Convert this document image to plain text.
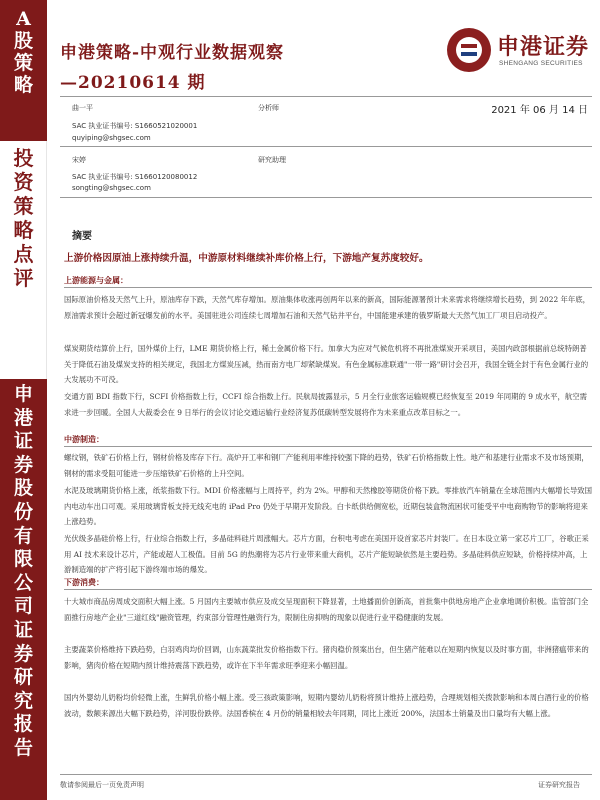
A
股
策
略
投
资
策
略
点
评
申
港
证
券
股
份
有
限
公
司
证
券
研
究
报
告
申港策略-中观行业数据观察
—20210614 期
申港证券
SHENGANG SECURITIES
曲一平	分析师	2021 年 06 月 14 日
SAC 执业证书编号: S1660521020001
quyiping@shgsec.com
宋婷	研究助理
SAC 执业证书编号: S1660120080012
songting@shgsec.com
摘要
上游价格因原油上涨持续升温，中游原材料继续补库价格上行，下游地产复苏度较好。
上游能源与金属：
国际原油价格及天然气上升，原油库存下跌，天然气库存增加。原油集体收涨再创两年以来的新高，国际能源署预计未来需求将继续增长趋势，到 2022 年年底，原油需求预计会超过新冠爆发前的水平。美国驻进公司连续七周增加石油和天然气钻井平台，中国能建承建的俄罗斯最大天然气加工厂项目启动投产。
煤炭期货结算价上行，国外煤价上行，LME 期货价格上行，稀土金属价格下行。加拿大为应对气候危机将不再批准煤炭开采项目，美国内政部根据前总统特朗普关于降低石油及煤炭支持的相关规定，我国北方煤炭压减，热而南方电厂却紧缺煤炭。有色金属标准联通"一带一路"研讨会召开，我国全链全封于有色金属行业的大发展功不可没。
交通方面 BDI 指数下行，SCFI 价格指数上行，CCFI 综合指数上行。民航局披露显示，5 月全行业旅客运输规模已经恢复至 2019 年同期的 9 成水平，航空需求进一步回暖。全国人大裁委会在 9 日举行的会议讨论交通运输行业经济复苏低碳转型发展将作为未来重点改革目标之一。
中游制造：
螺纹钢，铁矿石价格上行，钢材价格及库存下行。高炉开工率和钢厂产能利用率维持较强下降的趋势，铁矿石价格指数上性。地产和基建行业需求不及市场预期，钢材的需求受阻可能进一步压缩铁矿石价格的上升空间。
水泥及玻璃期货价格上涨，纸浆指数下行。MDI 价格涨幅与上周持平，约为 2%。甲醇和天然橡胶等期货价格下跌。零排放汽车销量在全球范围内大幅增长导致国内电动车出口可观。采用玻璃背板支持无线充电的 iPad Pro 仍处于早期开发阶段。白卡纸供给侧宽松，近期包装盒物流困状可能受平中电商购物节的影响将迎来上涨趋势。
光伏级多晶硅价格上行，行业综合指数上行，多晶硅料硅片周涨幅大。芯片方面，台积电考虑在美国开设首家芯片封装厂。在日本设立第一家芯片工厂，谷歌正采用 AI 技术来设计芯片，产能或超人工极值。目前 5G 的热潮将为芯片行业带来重大商机，芯片产能短缺依然是主要趋势。多晶硅料供应短缺，价格持续冲高，上游制造端的扩产将引起下游终端市场的爆发。
下游消费：
十大城市商品房周成交面积大幅上涨。5 月国内主要城市供应及成交呈现面积下降显著，土地播面价创新高，首批集中供地房地产企业拿地调价积极。监管部门全面推行房地产企业"三道红线"融资管理，约束部分管理性融资行为，限制住房抑购的现象以促进行业平稳健康的发展。
主要蔬菜价格维持下跌趋势，白羽鸡肉均价回调，山东蔬菜批发价格指数下行。猪肉稳价预案出台，但生猪产能难以在短期内恢复以及时事方面，非洲猪瘟带来的影响，猪肉价格在短期内预计维持震荡下跌趋势，或许在下半年需求旺季迎来小幅回温。
国内外婴幼儿奶粉均价轻微上涨，生鲜乳价格小幅上涨。受三孩政策影响，短期内婴幼儿奶粉将预计维持上涨趋势，合理规划相关拨款影响和本周白酒行业的价格波动，数额来源出大幅下跌趋势，洋河股份跌停。法国香槟在 4 月份的销量相较去年同期，同比上涨近 200%，法国本土销量及出口量均有大幅上涨。
敬请参阅最后一页免责声明	证券研究报告
